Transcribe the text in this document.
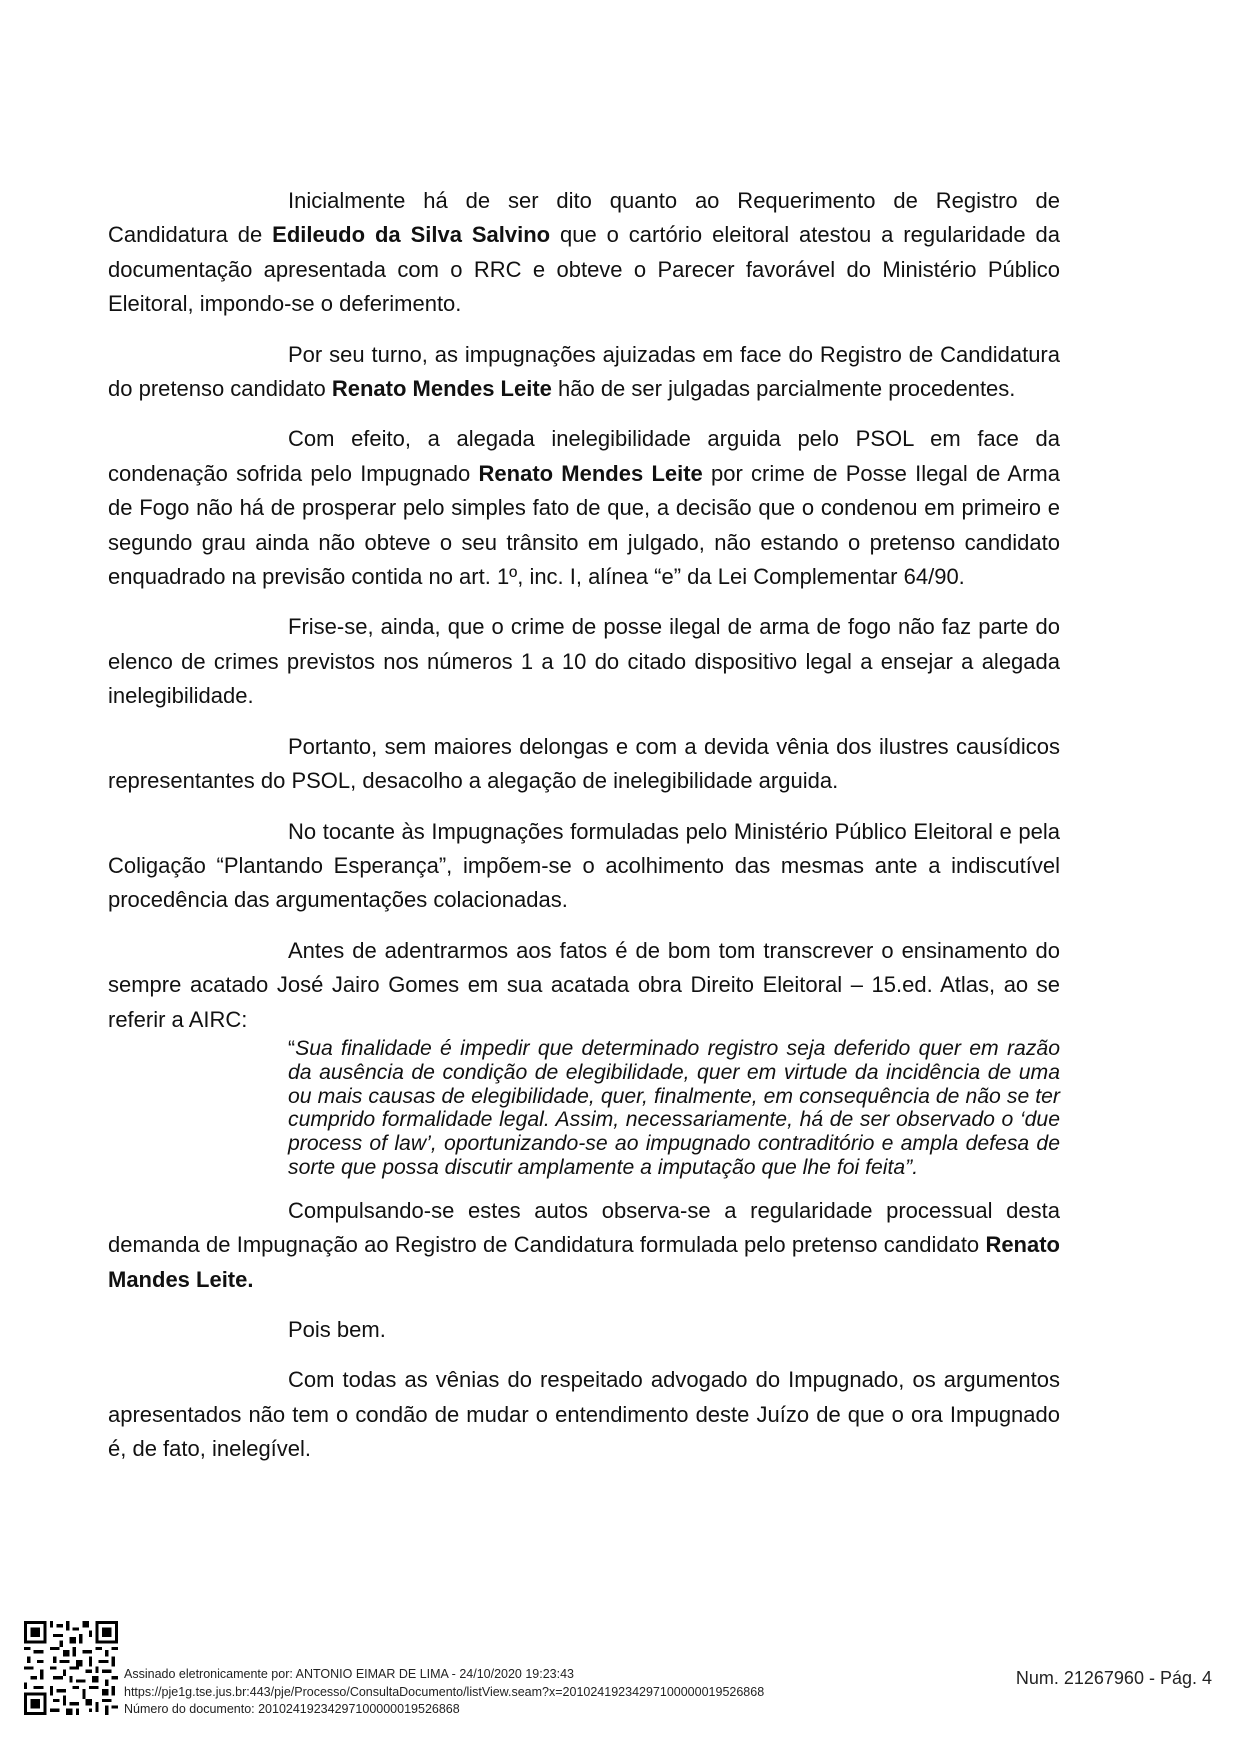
Inicialmente há de ser dito quanto ao Requerimento de Registro de Candidatura de Edileudo da Silva Salvino que o cartório eleitoral atestou a regularidade da documentação apresentada com o RRC e obteve o Parecer favorável do Ministério Público Eleitoral, impondo-se o deferimento.

Por seu turno, as impugnações ajuizadas em face do Registro de Candidatura do pretenso candidato Renato Mendes Leite hão de ser julgadas parcialmente procedentes.

Com efeito, a alegada inelegibilidade arguida pelo PSOL em face da condenação sofrida pelo Impugnado Renato Mendes Leite por crime de Posse Ilegal de Arma de Fogo não há de prosperar pelo simples fato de que, a decisão que o condenou em primeiro e segundo grau ainda não obteve o seu trânsito em julgado, não estando o pretenso candidato enquadrado na previsão contida no art. 1º, inc. I, alínea “e” da Lei Complementar 64/90.

Frise-se, ainda, que o crime de posse ilegal de arma de fogo não faz parte do elenco de crimes previstos nos números 1 a 10 do citado dispositivo legal a ensejar a alegada inelegibilidade.

Portanto, sem maiores delongas e com a devida vênia dos ilustres causídicos representantes do PSOL, desacolho a alegação de inelegibilidade arguida.

No tocante às Impugnações formuladas pelo Ministério Público Eleitoral e pela Coligação “Plantando Esperança”, impõem-se o acolhimento das mesmas ante a indiscutível procedência das argumentações colacionadas.

Antes de adentrarmos aos fatos é de bom tom transcrever o ensinamento do sempre acatado José Jairo Gomes em sua acatada obra Direito Eleitoral – 15.ed. Atlas, ao se referir a AIRC:

“Sua finalidade é impedir que determinado registro seja deferido quer em razão da ausência de condição de elegibilidade, quer em virtude da incidência de uma ou mais causas de elegibilidade, quer, finalmente, em consequência de não se ter cumprido formalidade legal. Assim, necessariamente, há de ser observado o ‘due process of law’, oportunizando-se ao impugnado contraditório e ampla defesa de sorte que possa discutir amplamente a imputação que lhe foi feita”.

Compulsando-se estes autos observa-se a regularidade processual desta demanda de Impugnação ao Registro de Candidatura formulada pelo pretenso candidato Renato Mandes Leite.

Pois bem.

Com todas as vênias do respeitado advogado do Impugnado, os argumentos apresentados não tem o condão de mudar o entendimento deste Juízo de que o ora Impugnado é, de fato, inelegível.

Assinado eletronicamente por: ANTONIO EIMAR DE LIMA - 24/10/2020 19:23:43
https://pje1g.tse.jus.br:443/pje/Processo/ConsultaDocumento/listView.seam?x=20102419234297100000019526868
Número do documento: 20102419234297100000019526868
Num. 21267960 - Pág. 4
